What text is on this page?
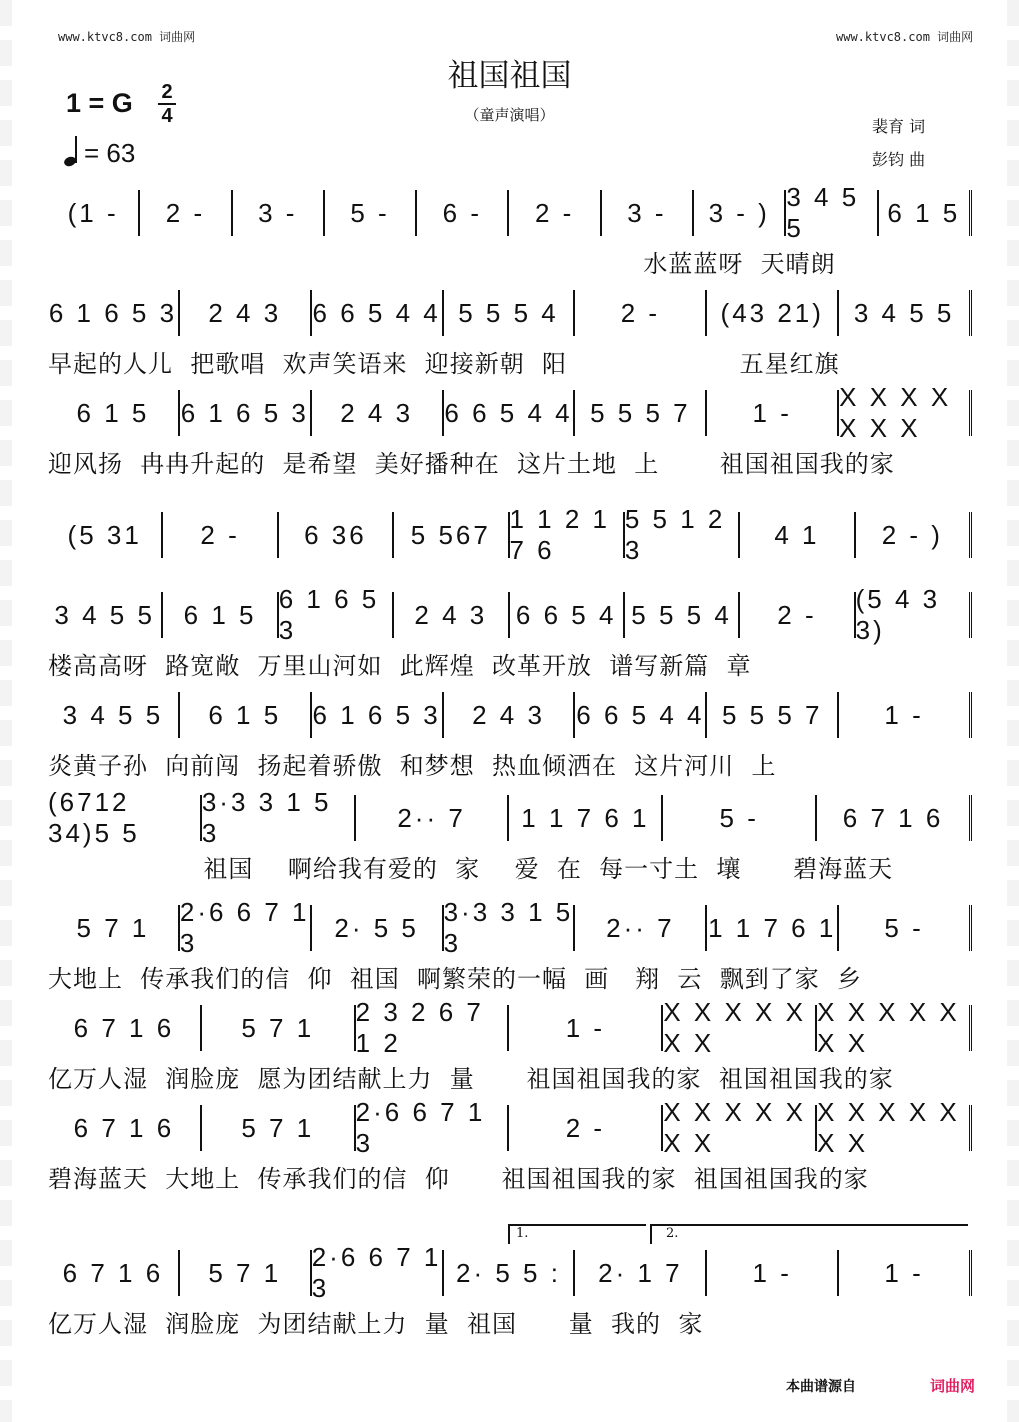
www.ktvc8.com 词曲网	www.ktvc8.com 词曲网
祖国祖国
（童声演唱）
1 = G 2
4
= 63
裴育 词
彭钧 曲
(1 -	2 -	3 -	5 -	6 -	2 -	3 -	3 - )
3 4 5 5
6 1 5
水蓝蓝呀  天晴朗
6 1 6 5 3	2 4 3	6 6 5 4 4 5 5 5 4	2 -	(43 21)	3 4 5 5
早起的人儿  把歌唱  欢声笑语来  迎接新朝  阳                    五星红旗
6 1 5	6 1 6 5 3	2 4 3	6 6 5 4 4 5 5 5 7	1 -
X X X X X X X
迎风扬  冉冉升起的  是希望  美好播种在  这片土地  上       祖国祖国我的家
(5 31	2 -	6 36	5 567
1 1 2 1 7 6
5 5 1 2 3
4 1	2 - )
3 4 5 5	6 1 5
6 1 6 5 3
2 4 3	6 6 5 4 5 5 5 4	2 -
(5 4 3 3)
楼高高呀  路宽敞  万里山河如  此辉煌  改革开放  谱写新篇  章
3 4 5 5	6 1 5	6 1 6 5 3	2 4 3	6 6 5 4 4 5 5 5 7	1 -
炎黄子孙  向前闯  扬起着骄傲  和梦想  热血倾洒在  这片河川  上
(6712 34)5 5
3·3 3 1 5 3
2·· 7	1 1 7 6 1	5 -	6 7 1 6
祖国    啊给我有爱的  家    爱  在  每一寸土  壤      碧海蓝天
5 7 1
2·6 6 7 1 3
2· 5 5
3·3 3 1 5 3
2·· 7	1 1 7 6 1	5 -
大地上  传承我们的信  仰  祖国  啊繁荣的一幅  画   翔  云  飘到了家  乡
6 7 1 6	5 7 1
2 3 2 6 7 1 2
1 -
X X X X X X X
X X X X X X X
亿万人湿  润脸庞  愿为团结献上力  量      祖国祖国我的家  祖国祖国我的家
6 7 1 6	5 7 1
2·6 6 7 1 3
2 -
X X X X X X X
X X X X X X X
碧海蓝天  大地上  传承我们的信  仰      祖国祖国我的家  祖国祖国我的家
6 7 1 6	5 7 1
2·6 6 7 1 3
2· 5 5 :	2· 1 7	1 -	1 -
亿万人湿  润脸庞  为团结献上力  量  祖国      量  我的  家
1.	2.
本曲谱源自	词曲网
